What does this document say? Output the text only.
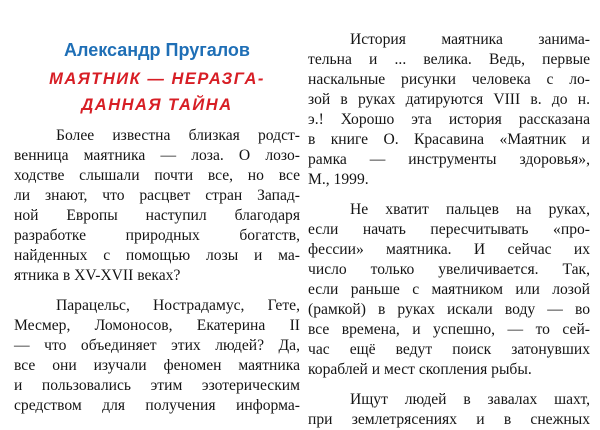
Александр Пругалов
МАЯТНИК — НЕРАЗГА-
ДАННАЯ ТАЙНА
Более известна близкая родст-
венница маятника — лоза. О лозо-
ходстве слышали почти все, но все
ли знают, что расцвет стран Запад-
ной Европы наступил благодаря
разработке природных богатств,
найденных с помощью лозы и ма-
ятника в XV-XVII веках?
Парацельс, Нострадамус, Гете,
Месмер, Ломоносов, Екатерина II
— что объединяет этих людей? Да,
все они изучали феномен маятника
и пользовались этим эзотерическим
средством для получения информа-
История маятника занима-
тельна и ... велика. Ведь, первые
наскальные рисунки человека с ло-
зой в руках датируются VIII в. до н.
э.! Хорошо эта история рассказана
в книге О. Красавина «Маятник и
рамка — инструменты здоровья»,
М., 1999.
Не хватит пальцев на руках,
если начать пересчитывать «про-
фессии» маятника. И сейчас их
число только увеличивается. Так,
если раньше с маятником или лозой
(рамкой) в руках искали воду — во
все времена, и успешно, — то сей-
час ещё ведут поиск затонувших
кораблей и мест скопления рыбы.
Ищут людей в завалах шахт,
при землетрясениях и в снежных
